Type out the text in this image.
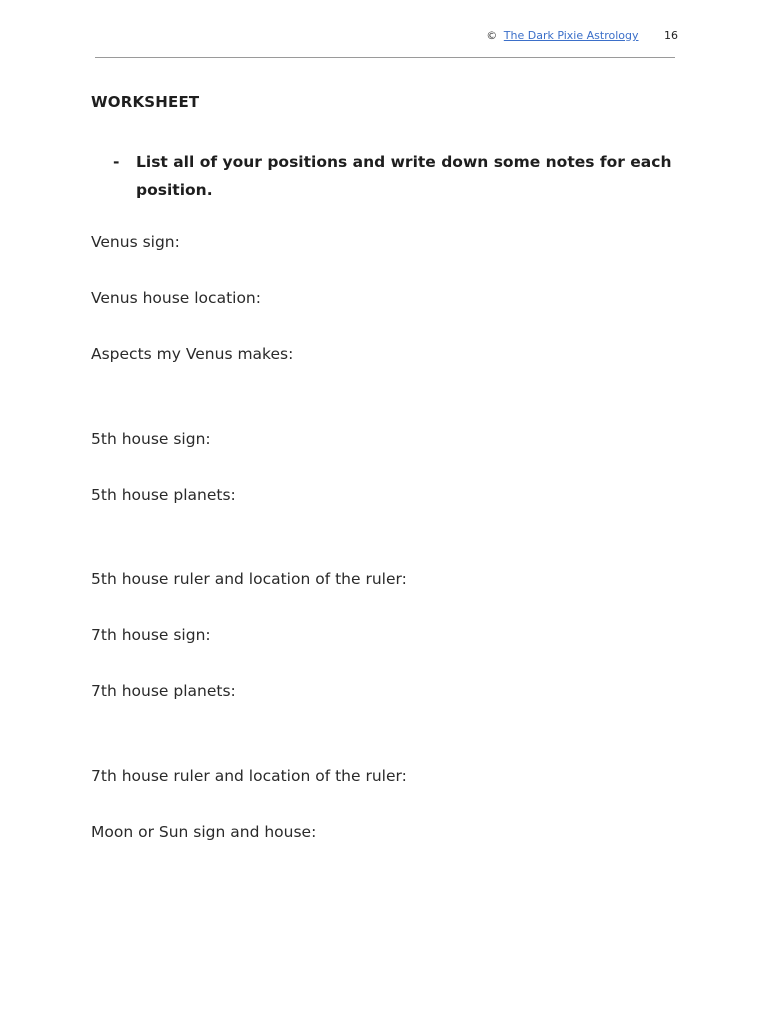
© The Dark Pixie Astrology 16
WORKSHEET
- List all of your positions and write down some notes for each position.
Venus sign:
Venus house location:
Aspects my Venus makes:
5th house sign:
5th house planets:
5th house ruler and location of the ruler:
7th house sign:
7th house planets:
7th house ruler and location of the ruler:
Moon or Sun sign and house:
